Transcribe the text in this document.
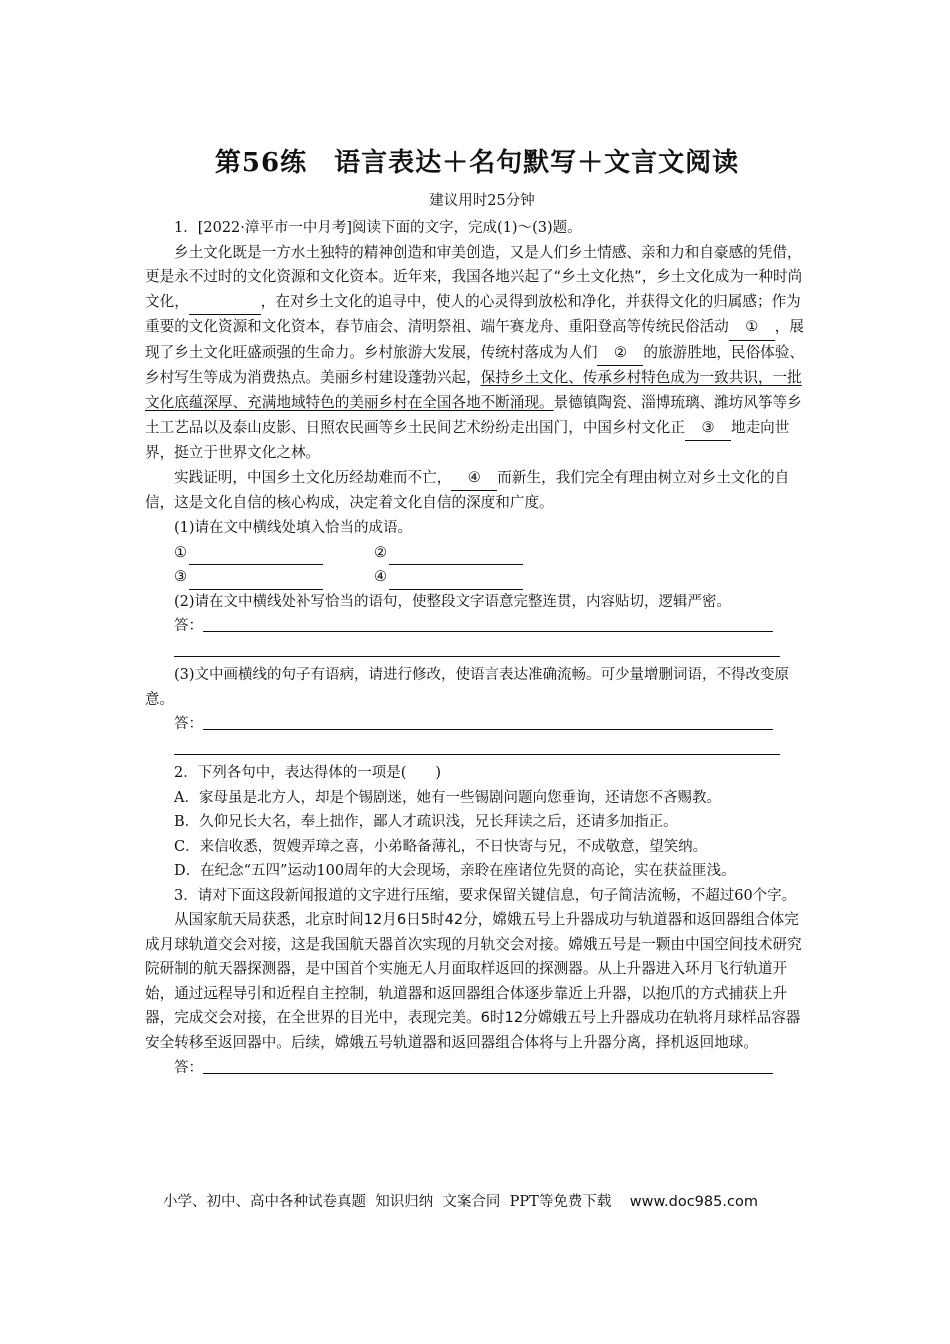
第56练　语言表达＋名句默写＋文言文阅读
建议用时25分钟

1．[2022·漳平市一中月考]阅读下面的文字，完成(1)～(3)题。

乡土文化既是一方水土独特的精神创造和审美创造，又是人们乡土情感、亲和力和自豪感的凭借，更是永不过时的文化资源和文化资本。近年来，我国各地兴起了“乡土文化热”，乡土文化成为一种时尚文化，	，在对乡土文化的追寻中，使人的心灵得到放松和净化，并获得文化的归属感；作为重要的文化资源和文化资本，春节庙会、清明祭祖、端午赛龙舟、重阳登高等传统民俗活动 ① ，展现了乡土文化旺盛顽强的生命力。乡村旅游大发展，传统村落成为人们 ② 的旅游胜地，民俗体验、乡村写生等成为消费热点。美丽乡村建设蓬勃兴起，保持乡土文化、传承乡村特色成为一致共识，一批文化底蕴深厚、充满地域特色的美丽乡村在全国各地不断涌现。景德镇陶瓷、淄博琉璃、潍坊风筝等乡土工艺品以及泰山皮影、日照农民画等乡土民间艺术纷纷走出国门，中国乡村文化正 ③ 地走向世界，挺立于世界文化之林。

实践证明，中国乡土文化历经劫难而不亡， ④ 而新生，我们完全有理由树立对乡土文化的自信，这是文化自信的核心构成，决定着文化自信的深度和广度。

(1)请在文中横线处填入恰当的成语。

①	②
③	④

(2)请在文中横线处补写恰当的语句，使整段文字语意完整连贯，内容贴切，逻辑严密。

答：

(3)文中画横线的句子有语病，请进行修改，使语言表达准确流畅。可少量增删词语，不得改变原意。

答：

2．下列各句中，表达得体的一项是(　　)

A．家母虽是北方人，却是个锡剧迷，她有一些锡剧问题向您垂询，还请您不吝赐教。

B．久仰兄长大名，奉上拙作，鄙人才疏识浅，兄长拜读之后，还请多加指正。

C．来信收悉，贺嫂弄璋之喜，小弟略备薄礼，不日快寄与兄，不成敬意，望笑纳。

D．在纪念“五四”运动100周年的大会现场，亲聆在座诸位先贤的高论，实在获益匪浅。

3．请对下面这段新闻报道的文字进行压缩，要求保留关键信息，句子简洁流畅，不超过60个字。

从国家航天局获悉，北京时间12月6日5时42分，嫦娥五号上升器成功与轨道器和返回器组合体完成月球轨道交会对接，这是我国航天器首次实现的月轨交会对接。嫦娥五号是一颗由中国空间技术研究院研制的航天器探测器，是中国首个实施无人月面取样返回的探测器。从上升器进入环月飞行轨道开始，通过远程导引和近程自主控制，轨道器和返回器组合体逐步靠近上升器，以抱爪的方式捕获上升器，完成交会对接，在全世界的目光中，表现完美。6时12分嫦娥五号上升器成功在轨将月球样品容器安全转移至返回器中。后续，嫦娥五号轨道器和返回器组合体将与上升器分离，择机返回地球。

答：
小学、初中、高中各种试卷真题  知识归纳  文案合同  PPT等免费下载 www.doc985.com
